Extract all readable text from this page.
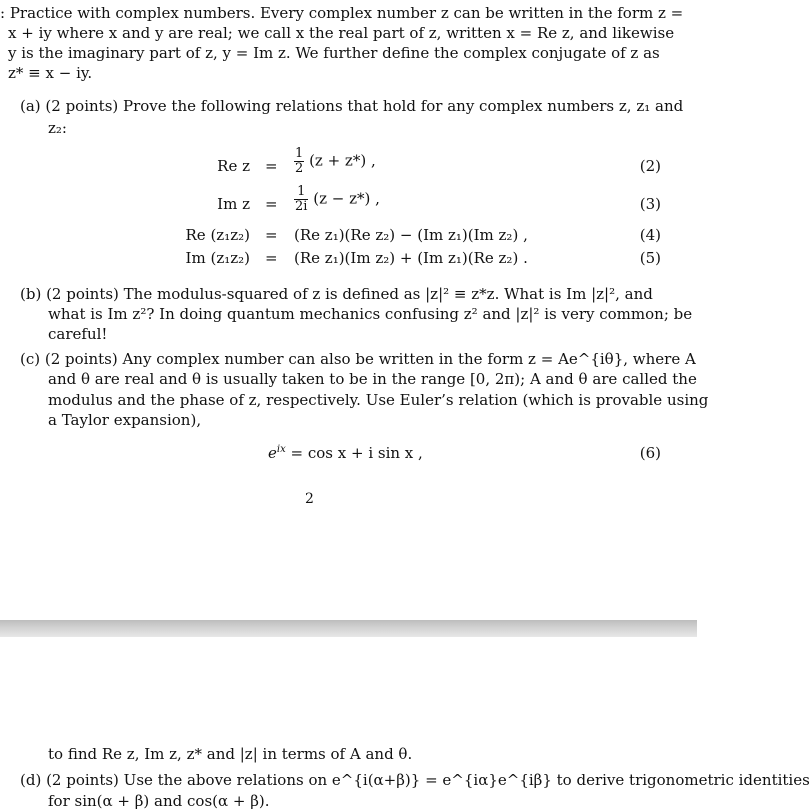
: Practice with complex numbers. Every complex number z can be written in the form z =
x + iy where x and y are real; we call x the real part of z, written x = Re z, and likewise
y is the imaginary part of z, y = Im z. We further define the complex conjugate of z as
z* ≡ x − iy.
(a) (2 points) Prove the following relations that hold for any complex numbers z, z₁ and
z₂:
Re $z = \frac{1}{2} (z + z*)$ ,	(2)
Im $z = \frac{1}{2i} (z - z*)$ ,	(3)
Re (z₁z₂) = (Re z₁)(Re z₂) − (Im z₁)(Im z₂) ,	(4)
Im (z₁z₂) = (Re z₁)(Im z₂) + (Im z₁)(Re z₂) .	(5)
(b) (2 points) The modulus-squared of z is defined as |z|² ≡ z*z. What is Im |z|², and
what is Im z²? In doing quantum mechanics confusing z² and |z|² is very common; be
careful!
(c) (2 points) Any complex number can also be written in the form z = Ae^{iθ}, where A
and θ are real and θ is usually taken to be in the range [0, 2π); A and θ are called the
modulus and the phase of z, respectively. Use Euler’s relation (which is provable using
a Taylor expansion),
$e^{ix} = \cos x + i$ sin x ,	(6)
2
to find Re z, Im z, z* and |z| in terms of A and θ.
(d) (2 points) Use the above relations on e^{i(α+β)} = e^{iα}e^{iβ} to derive trigonometric identities
for sin(α + β) and cos(α + β).
